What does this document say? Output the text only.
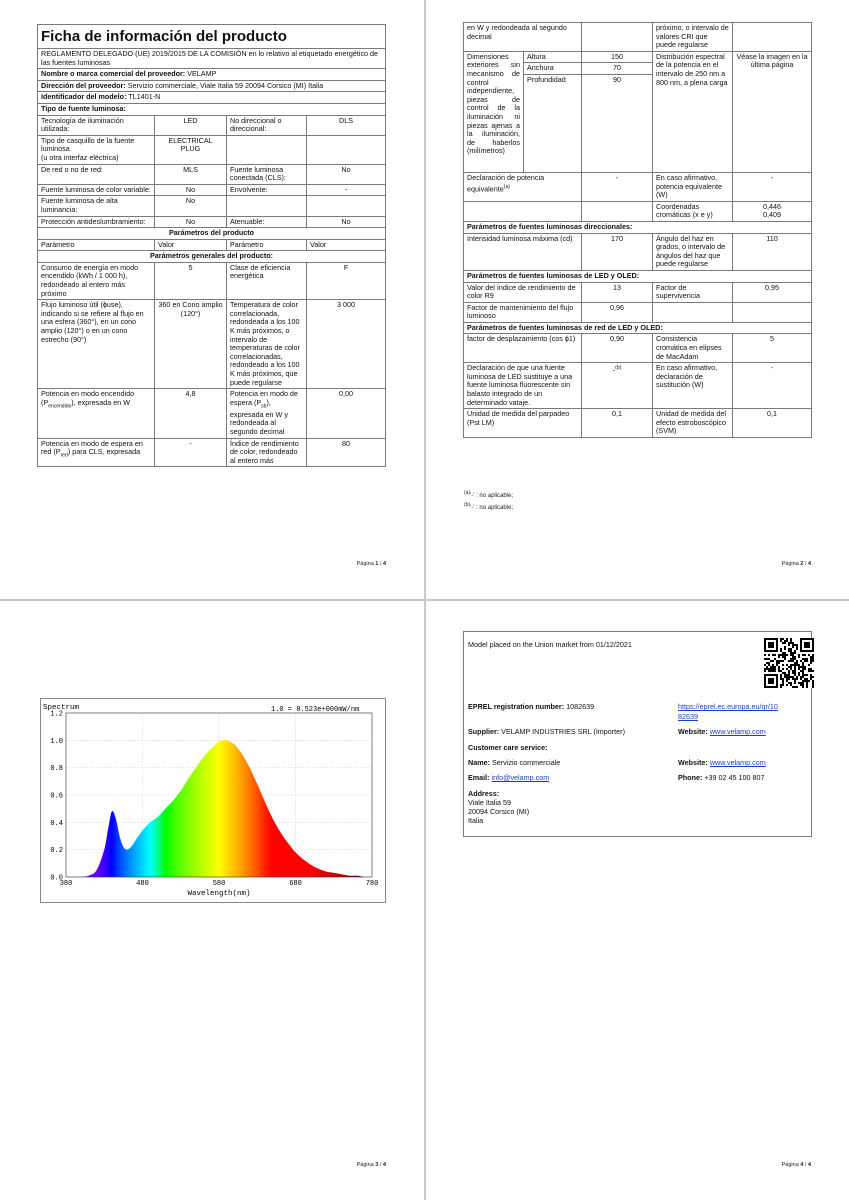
Ficha de información del producto			
REGLAMENTO DELEGADO (UE) 2019/2015 DE LA COMISIÓN en lo relativo al etiquetado energético de las fuentes luminosas			
Nombre o marca comercial del proveedor: VELAMP			
Dirección del proveedor: Servizio commerciale, Viale Italia 59 20094 Corsico (MI) Italia			
Identificador del modelo: TL1401-N			
Tipo de fuente luminosa:			
Tecnología de iluminación utilizada:	LED	No direccional o direccional:	DLS
Tipo de casquillo de la fuente luminosa
(u otra interfaz eléctrica)	ELECTRICAL PLUG		
De red o no de red:	MLS	Fuente luminosa conectada (CLS):	No
Fuente luminosa de color variable:	No	Envolvente:	-
Fuente luminosa de alta luminancia:	No		
Protección antideslumbramiento:	No	Atenuable:	No
Parámetros del producto			
Parámetro	Valor	Parámetro	Valor
Parámetros generales del producto:			
Consumo de energía en modo encendido (kWh / 1 000 h), redondeado al entero más próximo	5	Clase de eficiencia energética	F
Flujo luminoso útil (ɸuse), indicando si se refiere al flujo en una esfera (360°), en un cono amplio (120°) o en un cono estrecho (90°)	360 en Cono amplio (120°)	Temperatura de color correlacionada, redondeada a los 100 K más próximos, o intervalo de temperaturas de color correlacionadas, redondeado a los 100 K más próximos, que puede regularse	3 000
Potencia en modo encendido $(P_{encendido})$, expresada en W	4,8	Potencia en modo de espera $(P_{sb})$, expresada en W y redondeada al segundo decimal	0,00
Potencia en modo de espera en red $(P_{red})$ para CLS, expresada	-	Índice de rendimiento de color, redondeado al entero más	80
Página 1 / 4
en W y redondeada al segundo decimal			próximo, o intervalo de valores CRI que puede regularse	
Dimensiones exteriores sin mecanismo de control independiente, piezas de control de la iluminación ni piezas ajenas a la iluminación, de haberlos (milímetros)	Altura	150	Distribución espectral de la potencia en el intervalo de 250 nm a 800 nm, a plena carga	Véase la imagen en la última página
	Anchura	70		
	Profundidad	90		
Declaración de potencia equivalente$^{(a)}$		-	En caso afirmativo, potencia equivalente (W)	-
			Coordenadas cromáticas (x e y)	0,446
0,409
Parámetros de fuentes luminosas direccionales:				
Intensidad luminosa máxima (cd)		170	Ángulo del haz en grados, o intervalo de ángulos del haz que puede regularse	110
Parámetros de fuentes luminosas de LED y OLED:				
Valor del índice de rendimiento de color R9		13	Factor de supervivencia	0,95
Factor de mantenimiento del flujo luminoso		0,96		
Parámetros de fuentes luminosas de red de LED y OLED:				
factor de desplazamiento (cos ɸ1)		0,90	Consistencia cromática en elipses de MacAdam	5
Declaración de que una fuente luminosa de LED sustituye a una fuente luminosa fluorescente sin balasto integrado de un determinado vataje.		-$^{(b)}$	En caso afirmativo, declaración de sustitución (W)	-
Unidad de medida del parpadeo (Pst LM)		0,1	Unidad de medida del efecto estroboscópico (SVM)	0,1
$^{(a)}$'-' : no aplicable;
$^{(b)}$'-' : no aplicable;
Página 2 / 4
0.0
0.2
0.4
0.6
0.8
1.0
1.2
380	480	580	680	780
Spectrum	1.0 = 8.523e+000mW/nm
Wavelength(nm)
Página 3 / 4
Model placed on the Union market from 01/12/2021
EPREL registration number: 1082639	https://eprel.ec.europa.eu/qr/10
82639
Supplier: VELAMP INDUSTRIES SRL (Importer)	Website: www.velamp.com
Customer care service:
Name: Servizio commerciale	Website: www.velamp.com
Email: info@velamp.com	Phone: +39 02 45 100 807
Address:
Viale Italia 59
20094 Corsico (MI)
Italia
Página 4 / 4
